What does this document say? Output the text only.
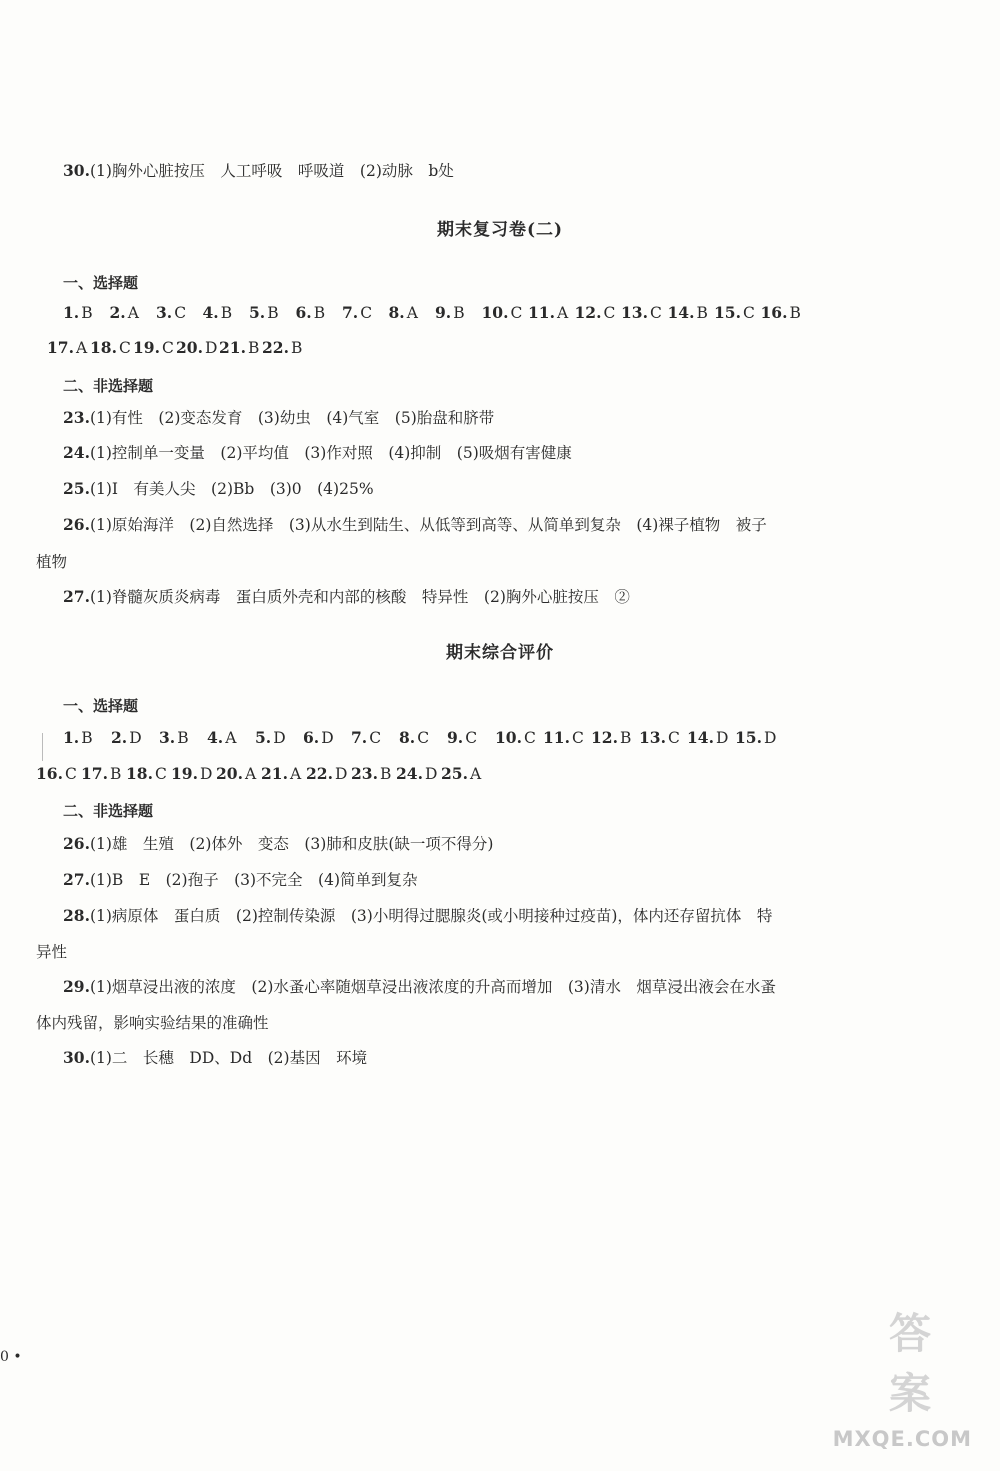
30.(1)胸外心脏按压　人工呼吸　呼吸道　(2)动脉　b处
期末复习卷(二)
一、选择题
1. B 2. A 3. C 4. B 5. B 6. B 7. C 8. A 9. B 10. C 11. A 12. C 13. C 14. B 15. C 16. B
17. A 18. C 19. C 20. D 21. B 22. B
二、非选择题
23.(1)有性　(2)变态发育　(3)幼虫　(4)气室　(5)胎盘和脐带
24.(1)控制单一变量　(2)平均值　(3)作对照　(4)抑制　(5)吸烟有害健康
25.(1)Ⅰ　有美人尖　(2)Bb　(3)0　(4)25%
26.(1)原始海洋　(2)自然选择　(3)从水生到陆生、从低等到高等、从简单到复杂　(4)裸子植物　被子
植物
27.(1)脊髓灰质炎病毒　蛋白质外壳和内部的核酸　特异性　(2)胸外心脏按压　②
期末综合评价
一、选择题
1. B 2. D 3. B 4. A 5. D 6. D 7. C 8. C 9. C 10. C 11. C 12. B 13. C 14. D 15. D
16. C 17. B 18. C 19. D 20. A 21. A 22. D 23. B 24. D 25. A
二、非选择题
26.(1)雄　生殖　(2)体外　变态　(3)肺和皮肤(缺一项不得分)
27.(1)B　E　(2)孢子　(3)不完全　(4)简单到复杂
28.(1)病原体　蛋白质　(2)控制传染源　(3)小明得过腮腺炎(或小明接种过疫苗)，体内还存留抗体　特
异性
29.(1)烟草浸出液的浓度　(2)水蚤心率随烟草浸出液浓度的升高而增加　(3)清水　烟草浸出液会在水蚤
体内残留，影响实验结果的准确性
30.(1)二　长穗　DD、Dd　(2)基因　环境
0 •	答案
MXQE.COM
